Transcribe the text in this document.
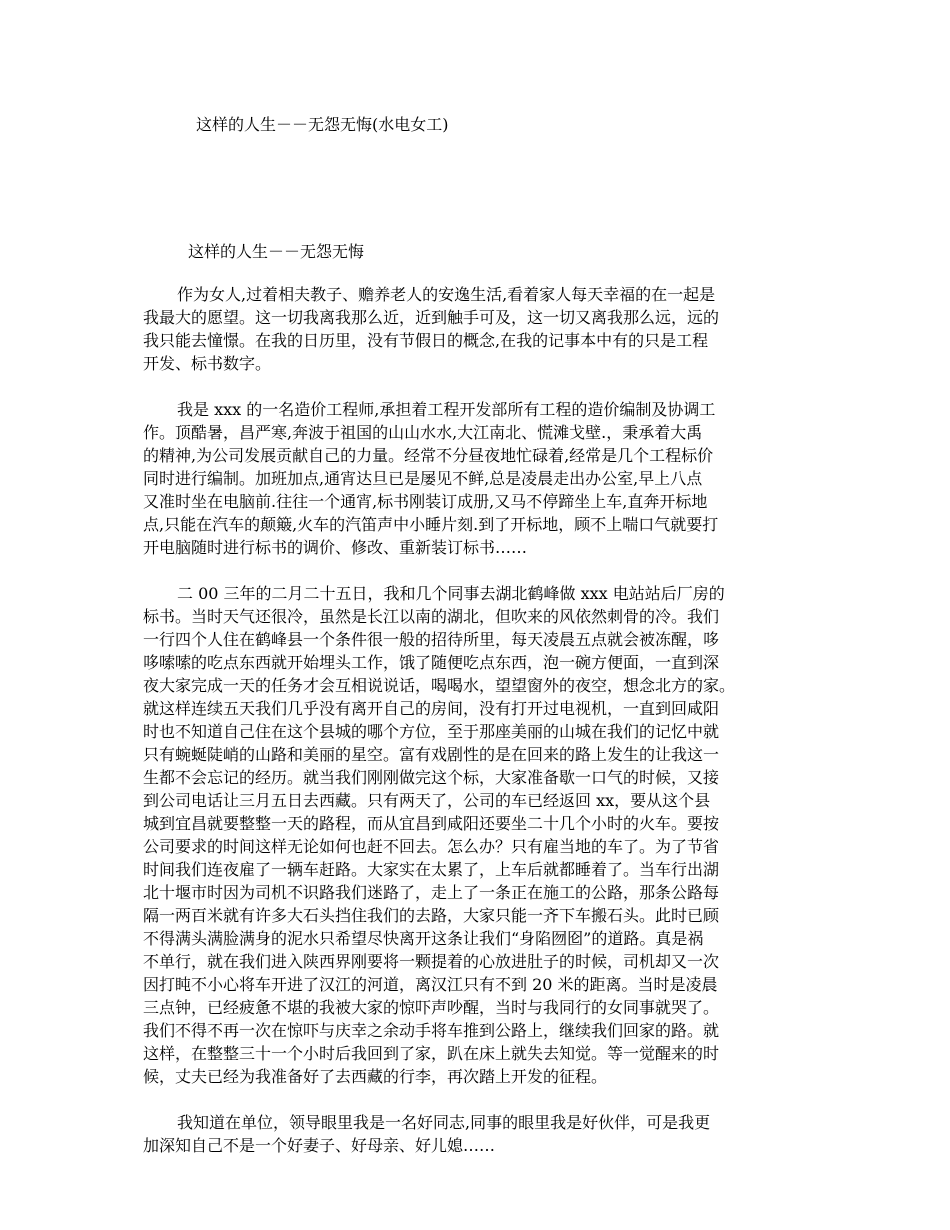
这样的人生－－无怨无悔(水电女工)
这样的人生－－无怨无悔
作为女人,过着相夫教子、赡养老人的安逸生活,看着家人每天幸福的在一起是
我最大的愿望。这一切我离我那么近，近到触手可及，这一切又离我那么远，远的
我只能去憧憬。在我的日历里，没有节假日的概念,在我的记事本中有的只是工程
开发、标书数字。
我是 xxx 的一名造价工程师,承担着工程开发部所有工程的造价编制及协调工
作。顶酷暑，昌严寒,奔波于祖国的山山水水,大江南北、慌滩戈壁.，秉承着大禹
的精神,为公司发展贡献自己的力量。经常不分昼夜地忙碌着,经常是几个工程标价
同时进行编制。加班加点,通宵达旦已是屡见不鲜,总是凌晨走出办公室,早上八点
又准时坐在电脑前.往往一个通宵,标书刚装订成册,又马不停蹄坐上车,直奔开标地
点,只能在汽车的颠簸,火车的汽笛声中小睡片刻.到了开标地，顾不上喘口气就要打
开电脑随时进行标书的调价、修改、重新装订标书……
二 00 三年的二月二十五日，我和几个同事去湖北鹤峰做 xxx 电站站后厂房的
标书。当时天气还很冷，虽然是长江以南的湖北，但吹来的风依然刺骨的冷。我们
一行四个人住在鹤峰县一个条件很一般的招待所里，每天凌晨五点就会被冻醒，哆
哆嗦嗦的吃点东西就开始埋头工作，饿了随便吃点东西，泡一碗方便面，一直到深
夜大家完成一天的任务才会互相说说话，喝喝水，望望窗外的夜空，想念北方的家。
就这样连续五天我们几乎没有离开自己的房间，没有打开过电视机，一直到回咸阳
时也不知道自己住在这个县城的哪个方位，至于那座美丽的山城在我们的记忆中就
只有蜿蜒陡峭的山路和美丽的星空。富有戏剧性的是在回来的路上发生的让我这一
生都不会忘记的经历。就当我们刚刚做完这个标，大家准备歇一口气的时候，又接
到公司电话让三月五日去西藏。只有两天了，公司的车已经返回 xx，要从这个县
城到宜昌就要整整一天的路程，而从宜昌到咸阳还要坐二十几个小时的火车。要按
公司要求的时间这样无论如何也赶不回去。怎么办？只有雇当地的车了。为了节省
时间我们连夜雇了一辆车赶路。大家实在太累了，上车后就都睡着了。当车行出湖
北十堰市时因为司机不识路我们迷路了，走上了一条正在施工的公路，那条公路每
隔一两百米就有许多大石头挡住我们的去路，大家只能一齐下车搬石头。此时已顾
不得满头满脸满身的泥水只希望尽快离开这条让我们“身陷囫囵”的道路。真是祸
不单行，就在我们进入陕西界刚要将一颗提着的心放进肚子的时候，司机却又一次
因打盹不小心将车开进了汉江的河道，离汉江只有不到 20 米的距离。当时是凌晨
三点钟，已经疲惫不堪的我被大家的惊吓声吵醒，当时与我同行的女同事就哭了。
我们不得不再一次在惊吓与庆幸之余动手将车推到公路上，继续我们回家的路。就
这样，在整整三十一个小时后我回到了家，趴在床上就失去知觉。等一觉醒来的时
候，丈夫已经为我准备好了去西藏的行李，再次踏上开发的征程。
我知道在单位，领导眼里我是一名好同志,同事的眼里我是好伙伴，可是我更
加深知自己不是一个好妻子、好母亲、好儿媳……
